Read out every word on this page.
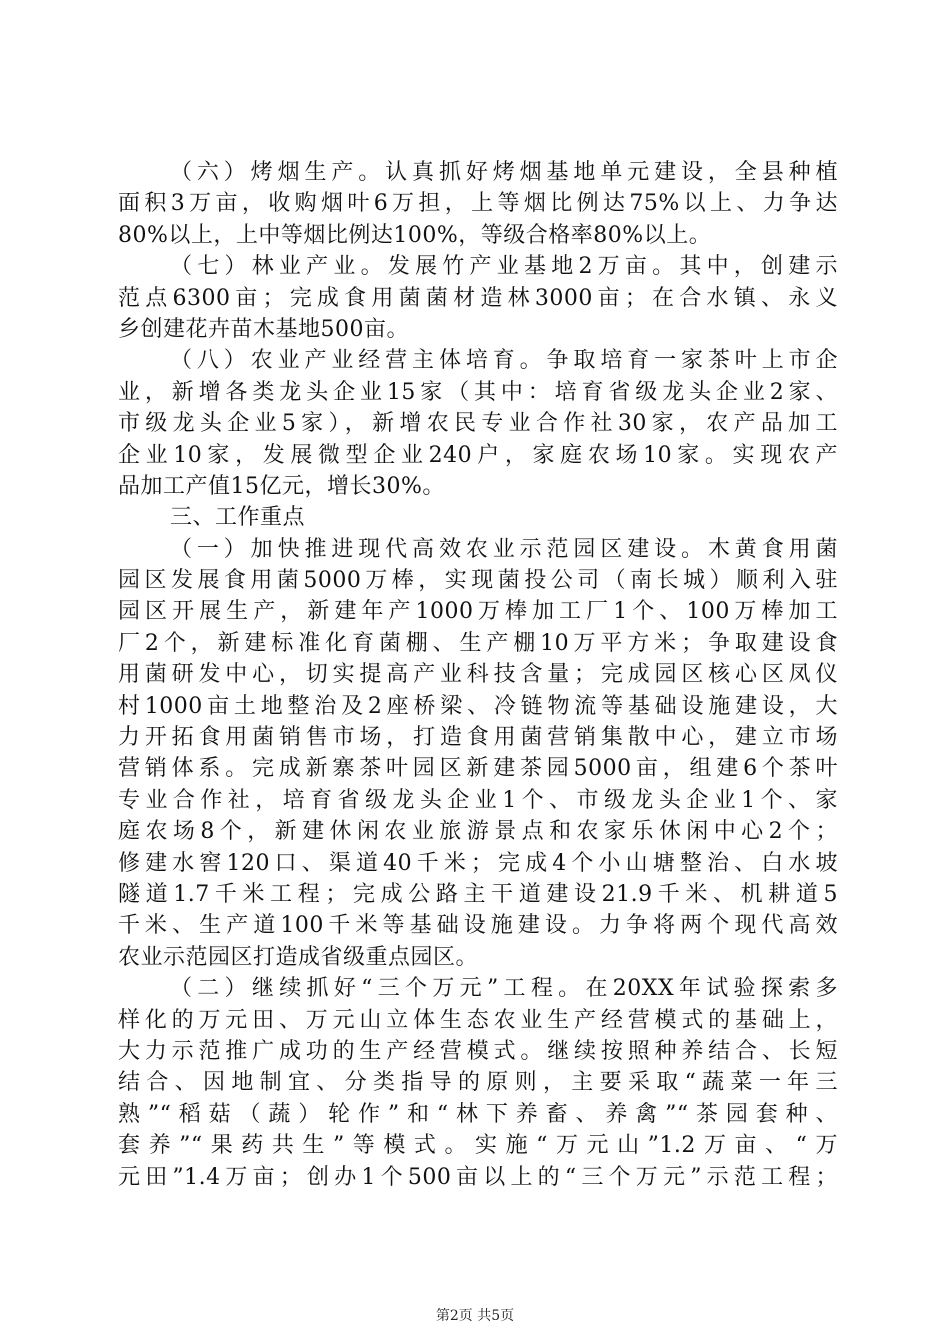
（六）烤烟生产。认真抓好烤烟基地单元建设，全县种植
面积3万亩，收购烟叶6万担，上等烟比例达75%以上、力争达
80%以上，上中等烟比例达100%，等级合格率80%以上。
（七）林业产业。发展竹产业基地2万亩。其中，创建示
范点6300亩；完成食用菌菌材造林3000亩；在合水镇、永义
乡创建花卉苗木基地500亩。
（八）农业产业经营主体培育。争取培育一家茶叶上市企
业，新增各类龙头企业15家（其中：培育省级龙头企业2家、
市级龙头企业5家），新增农民专业合作社30家，农产品加工
企业10家，发展微型企业240户，家庭农场10家。实现农产
品加工产值15亿元，增长30%。
三、工作重点
（一）加快推进现代高效农业示范园区建设。木黄食用菌
园区发展食用菌5000万棒，实现菌投公司（南长城）顺利入驻
园区开展生产，新建年产1000万棒加工厂1个、100万棒加工
厂2个，新建标准化育菌棚、生产棚10万平方米；争取建设食
用菌研发中心，切实提高产业科技含量；完成园区核心区凤仪
村1000亩土地整治及2座桥梁、冷链物流等基础设施建设，大
力开拓食用菌销售市场，打造食用菌营销集散中心，建立市场
营销体系。完成新寨茶叶园区新建茶园5000亩，组建6个茶叶
专业合作社，培育省级龙头企业1个、市级龙头企业1个、家
庭农场8个，新建休闲农业旅游景点和农家乐休闲中心2个；
修建水窖120口、渠道40千米；完成4个小山塘整治、白水坡
隧道1.7千米工程；完成公路主干道建设21.9千米、机耕道5
千米、生产道100千米等基础设施建设。力争将两个现代高效
农业示范园区打造成省级重点园区。
（二）继续抓好“三个万元”工程。在20XX年试验探索多
样化的万元田、万元山立体生态农业生产经营模式的基础上，
大力示范推广成功的生产经营模式。继续按照种养结合、长短
结合、因地制宜、分类指导的原则，主要采取“蔬菜一年三
熟”“稻菇（蔬）轮作”和“林下养畜、养禽”“茶园套种、
套养”“果药共生”等模式。实施“万元山”1.2万亩、“万
元田”1.4万亩；创办1个500亩以上的“三个万元”示范工程；
第2页 共5页
